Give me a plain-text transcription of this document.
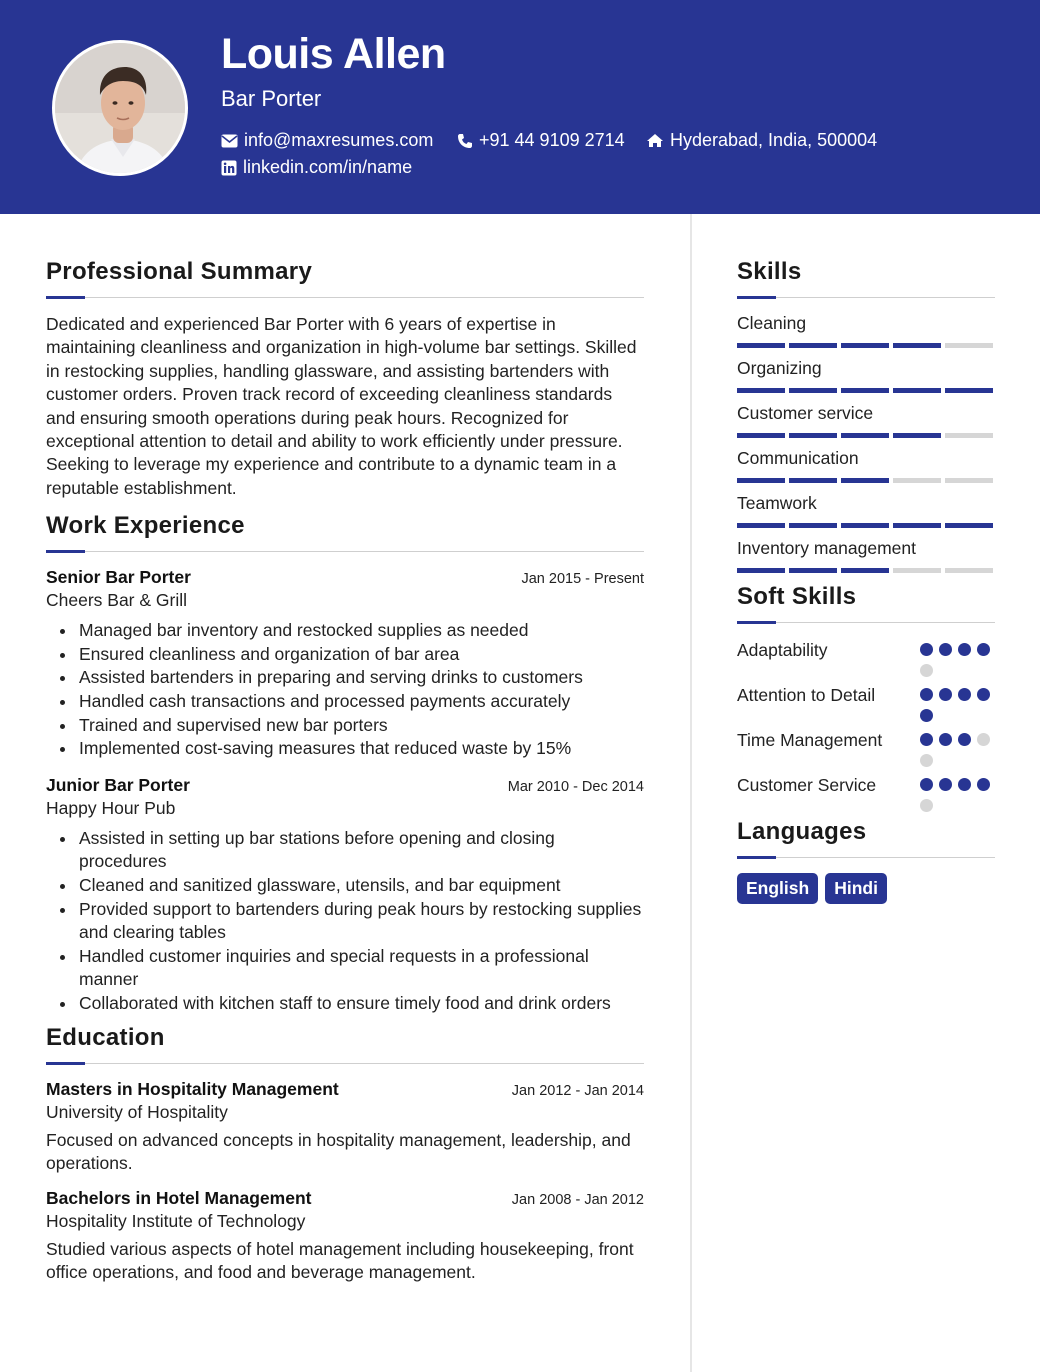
Louis Allen
Bar Porter
info@maxresumes.com	+91 44 9109 2714	Hyderabad, India, 500004
linkedin.com/in/name
Professional Summary

Dedicated and experienced Bar Porter with 6 years of expertise in maintaining cleanliness and organization in high-volume bar settings. Skilled in restocking supplies, handling glassware, and assisting bartenders with customer orders. Proven track record of exceeding cleanliness standards and ensuring smooth operations during peak hours. Recognized for exceptional attention to detail and ability to work efficiently under pressure. Seeking to leverage my experience and contribute to a dynamic team in a reputable establishment.

Work Experience
Senior Bar Porter	Jan 2015 - Present
Cheers Bar & Grill
Managed bar inventory and restocked supplies as needed
Ensured cleanliness and organization of bar area
Assisted bartenders in preparing and serving drinks to customers
Handled cash transactions and processed payments accurately
Trained and supervised new bar porters
Implemented cost-saving measures that reduced waste by 15%
Junior Bar Porter	Mar 2010 - Dec 2014
Happy Hour Pub
Assisted in setting up bar stations before opening and closing procedures
Cleaned and sanitized glassware, utensils, and bar equipment
Provided support to bartenders during peak hours by restocking supplies and clearing tables
Handled customer inquiries and special requests in a professional manner
Collaborated with kitchen staff to ensure timely food and drink orders
Education
Masters in Hospitality Management	Jan 2012 - Jan 2014
University of Hospitality

Focused on advanced concepts in hospitality management, leadership, and operations.

Bachelors in Hotel Management	Jan 2008 - Jan 2012
Hospitality Institute of Technology

Studied various aspects of hotel management including housekeeping, front office operations, and food and beverage management.

Skills
Cleaning
Organizing
Customer service
Communication
Teamwork
Inventory management
Soft Skills
Adaptability
Attention to Detail
Time Management
Customer Service
Languages
English	Hindi
